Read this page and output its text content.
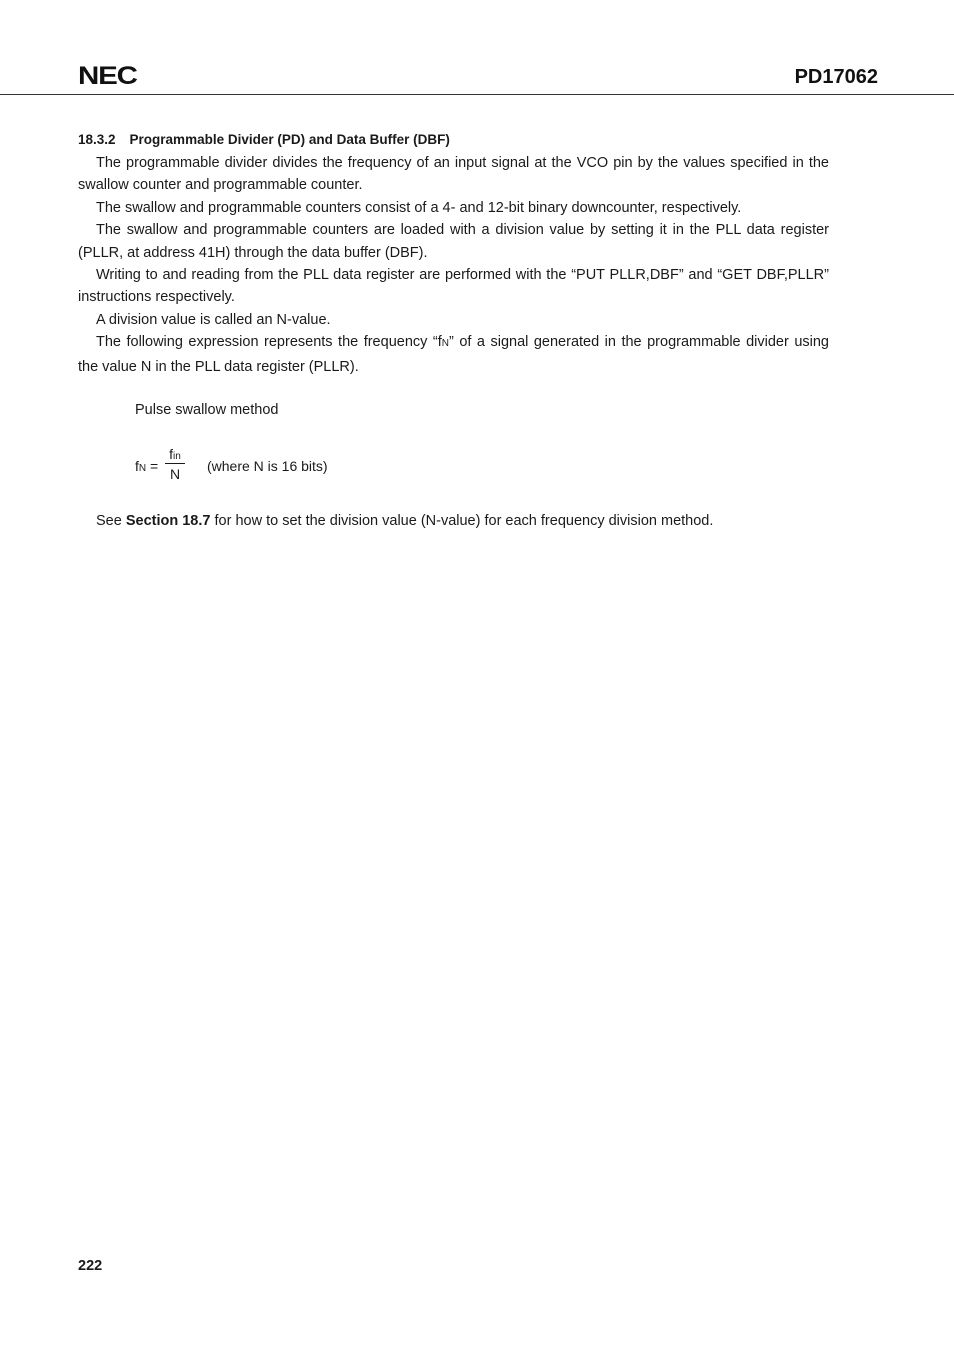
NEC	PD17062
18.3.2 Programmable Divider (PD) and Data Buffer (DBF)

The programmable divider divides the frequency of an input signal at the VCO pin by the values specified in the swallow counter and programmable counter.

The swallow and programmable counters consist of a 4- and 12-bit binary downcounter, respectively.

The swallow and programmable counters are loaded with a division value by setting it in the PLL data register (PLLR, at address 41H) through the data buffer (DBF).

Writing to and reading from the PLL data register are performed with the “PUT PLLR,DBF” and “GET DBF,PLLR” instructions respectively.

A division value is called an N-value.

The following expression represents the frequency “fN” of a signal generated in the programmable divider using the value N in the PLL data register (PLLR).

Pulse swallow method
fN =
fin
N	(where N is 16 bits)
See Section 18.7 for how to set the division value (N-value) for each frequency division method.
222
